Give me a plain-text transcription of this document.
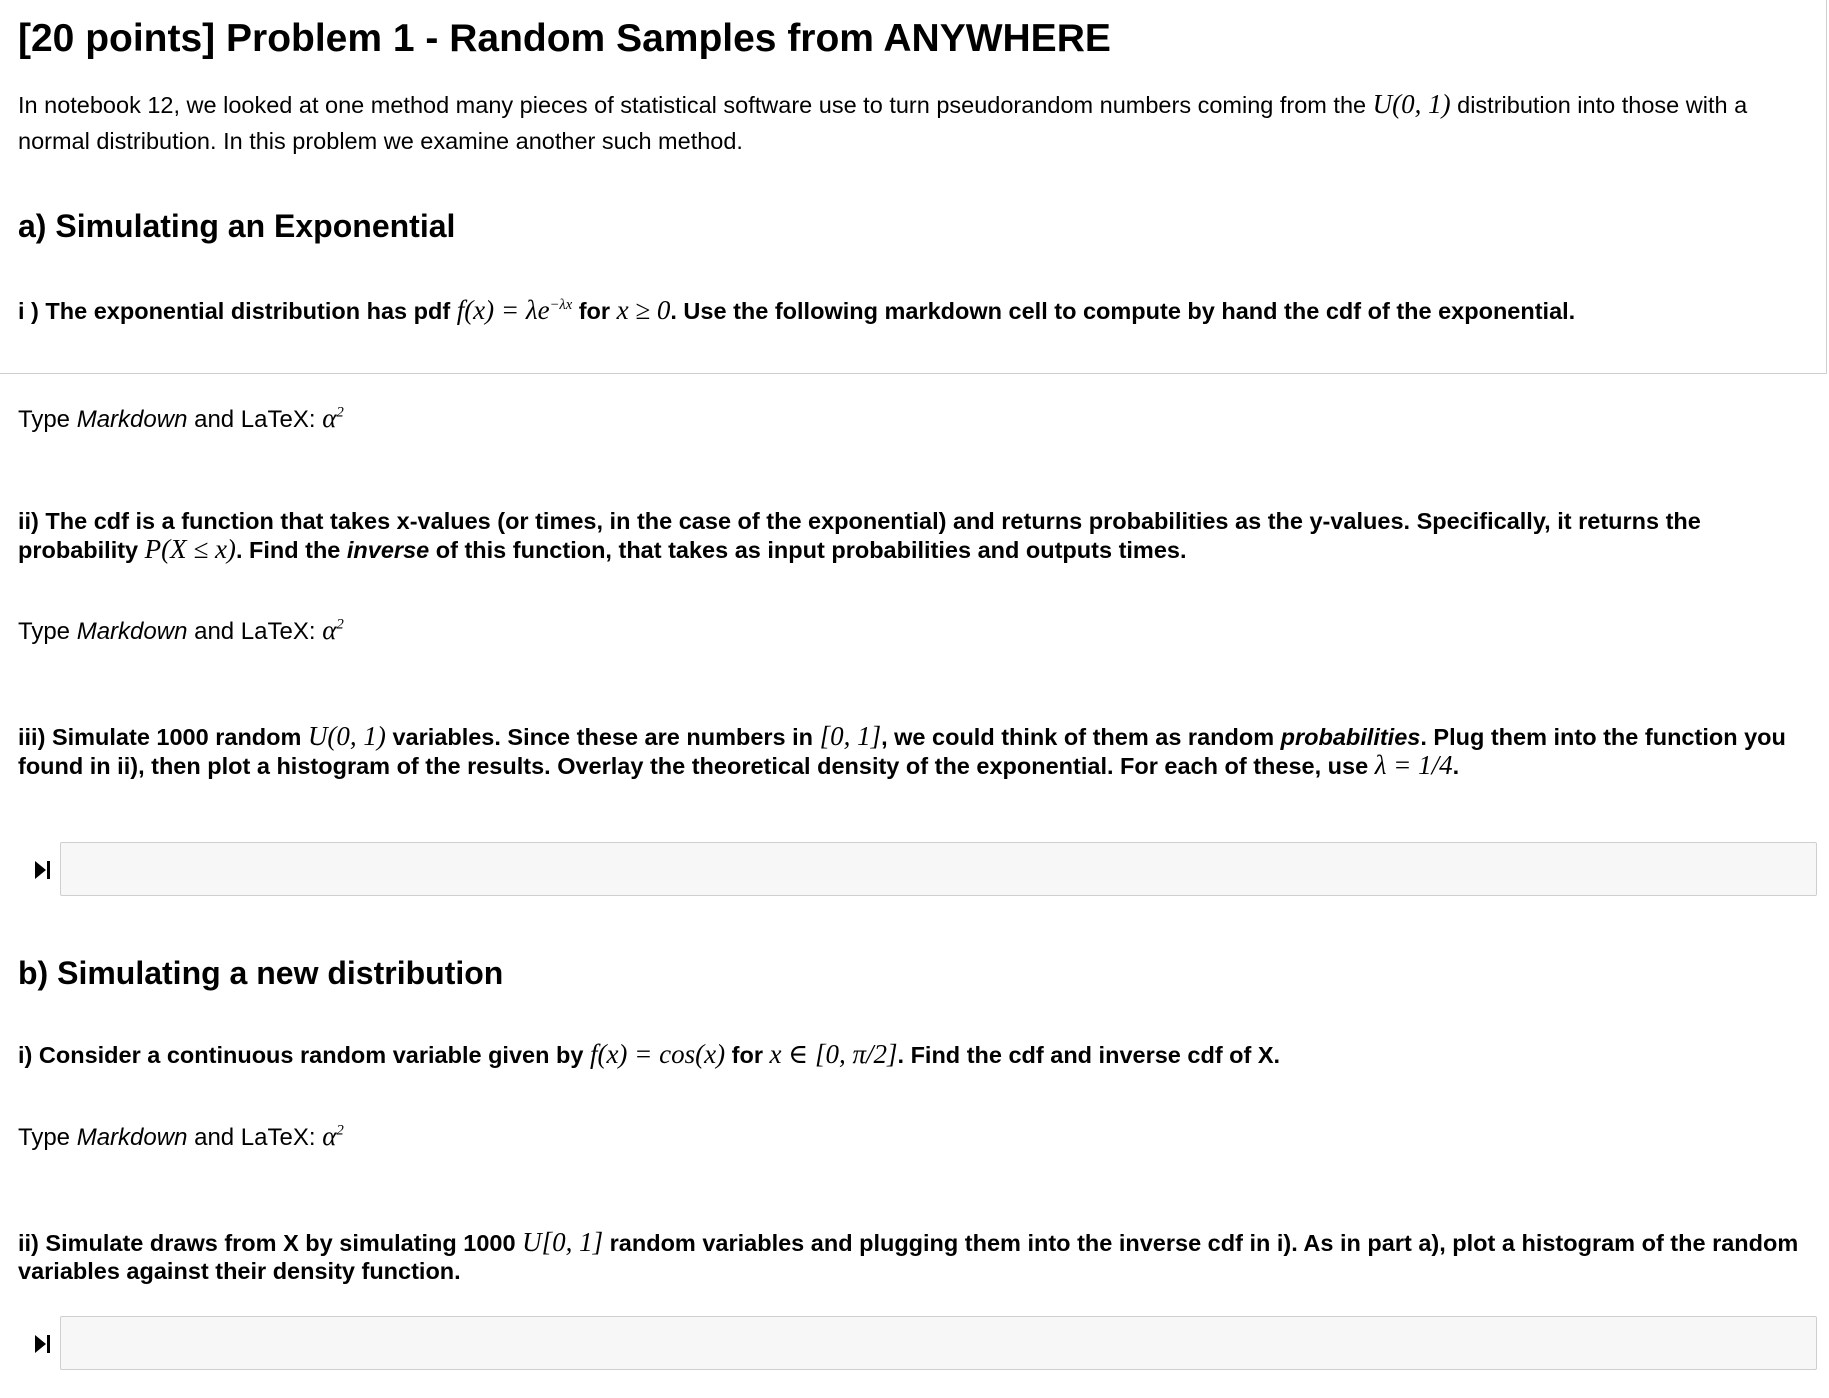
[20 points] Problem 1 - Random Samples from ANYWHERE
In notebook 12, we looked at one method many pieces of statistical software use to turn pseudorandom numbers coming from the U(0, 1) distribution into those with a normal distribution. In this problem we examine another such method.
a) Simulating an Exponential
i ) The exponential distribution has pdf $f(x) = \lambda e^{-\lambda x}$ for x ≥ 0. Use the following markdown cell to compute by hand the cdf of the exponential.
Type Markdown and LaTeX: $\alpha^2$
ii) The cdf is a function that takes x-values (or times, in the case of the exponential) and returns probabilities as the y-values. Specifically, it returns the probability P(X ≤ x). Find the inverse of this function, that takes as input probabilities and outputs times.
Type Markdown and LaTeX: $\alpha^2$
iii) Simulate 1000 random U(0, 1) variables. Since these are numbers in [0, 1], we could think of them as random probabilities. Plug them into the function you found in ii), then plot a histogram of the results. Overlay the theoretical density of the exponential. For each of these, use λ = 1/4.
b) Simulating a new distribution
i) Consider a continuous random variable given by f(x) = cos(x) for x ∈ [0, π/2]. Find the cdf and inverse cdf of X.
Type Markdown and LaTeX: $\alpha^2$
ii) Simulate draws from X by simulating 1000 U[0, 1] random variables and plugging them into the inverse cdf in i). As in part a), plot a histogram of the random variables against their density function.
